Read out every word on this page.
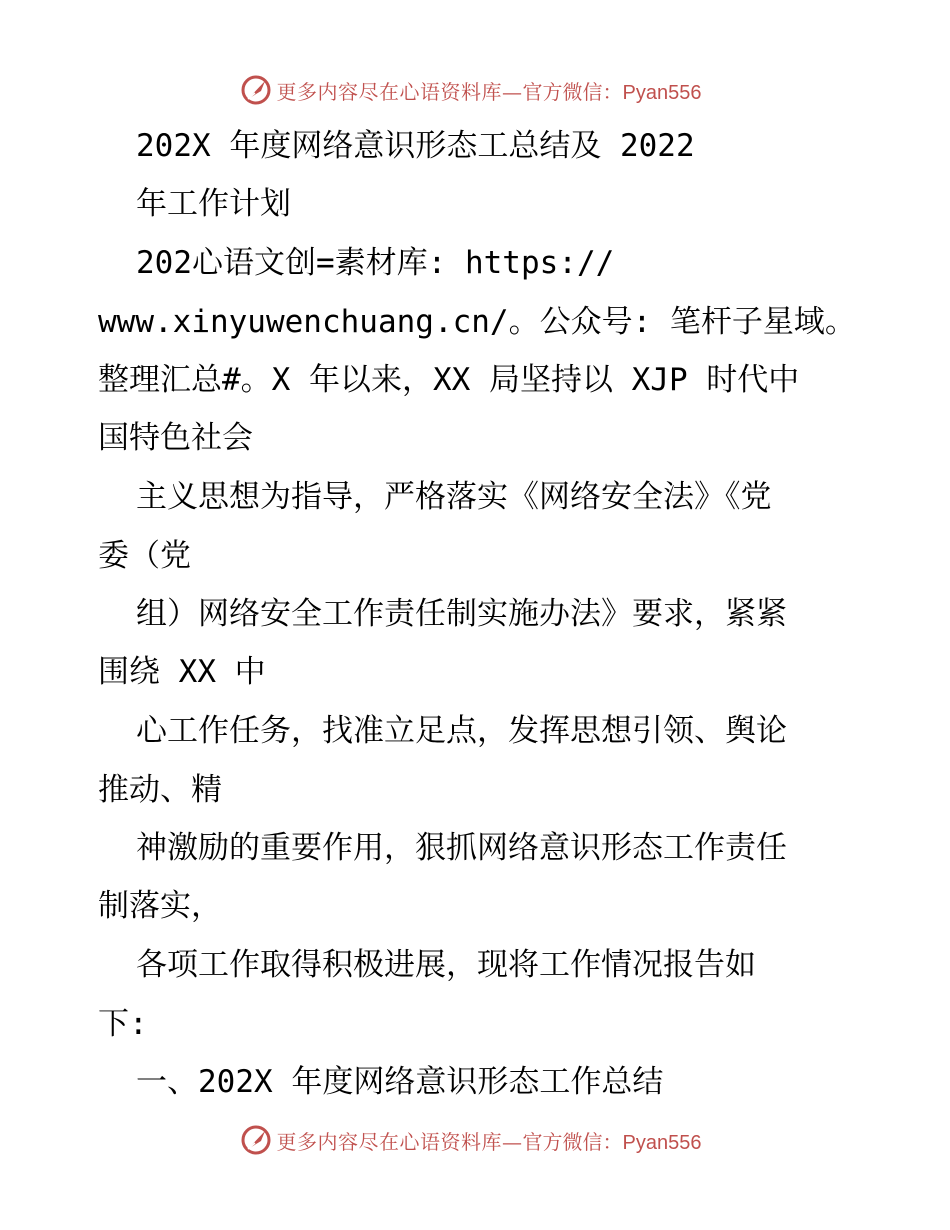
更多内容尽在心语资料库— 官方微信：Pyan556

202X 年度网络意识形态工总结及 2022

年工作计划

202心语文创=素材库: https://

www.xinyuwenchuang.cn/。公众号: 笔杆子星域。

整理汇总#。X 年以来，XX 局坚持以 XJP 时代中

国特色社会

主义思想为指导，严格落实《网络安全法》《党

委（党

组）网络安全工作责任制实施办法》要求，紧紧

围绕 XX 中

心工作任务，找准立足点，发挥思想引领、舆论

推动、精

神激励的重要作用，狠抓网络意识形态工作责任

制落实，

各项工作取得积极进展，现将工作情况报告如

下:

一、202X 年度网络意识形态工作总结

更多内容尽在心语资料库— 官方微信：Pyan556
